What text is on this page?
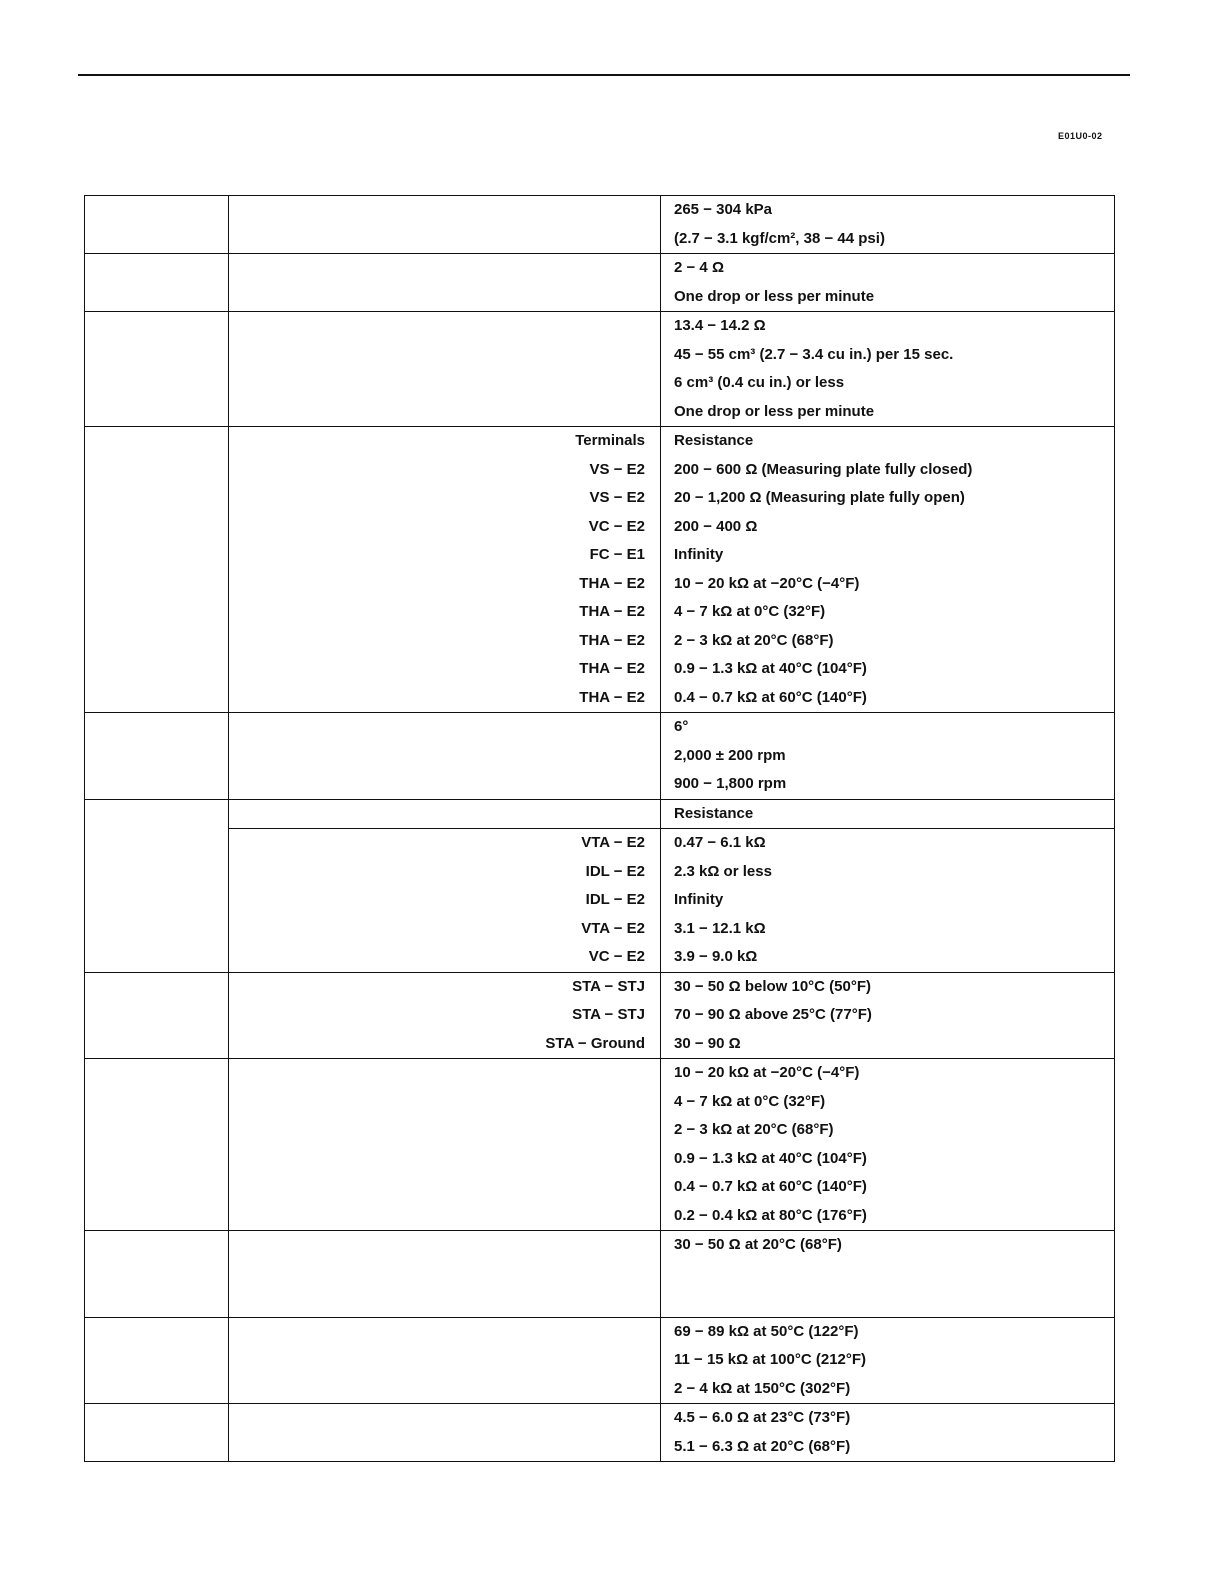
E01U0-02
265 − 304 kPa
(2.7 − 3.1 kgf/cm², 38 − 44 psi)
2 − 4 Ω
One drop or less per minute
13.4 − 14.2 Ω
45 − 55 cm³ (2.7 − 3.4 cu in.) per 15 sec.
6 cm³ (0.4 cu in.) or less
One drop or less per minute
Terminals	Resistance
VS − E2	200 − 600 Ω (Measuring plate fully closed)
VS − E2	20 − 1,200 Ω (Measuring plate fully open)
VC − E2	200 − 400 Ω
FC − E1	Infinity
THA − E2	10 − 20 kΩ at −20°C (−4°F)
THA − E2	4 − 7 kΩ at 0°C (32°F)
THA − E2	2 − 3 kΩ at 20°C (68°F)
THA − E2	0.9 − 1.3 kΩ at 40°C (104°F)
THA − E2	0.4 − 0.7 kΩ at 60°C (140°F)
6°
2,000 ± 200 rpm
900 − 1,800 rpm
Resistance
VTA − E2	0.47 − 6.1 kΩ
IDL − E2	2.3 kΩ or less
IDL − E2	Infinity
VTA − E2	3.1 − 12.1 kΩ
VC − E2	3.9 − 9.0 kΩ
STA − STJ	30 − 50 Ω below 10°C (50°F)
STA − STJ	70 − 90 Ω above 25°C (77°F)
STA − Ground	30 − 90 Ω
10 − 20 kΩ at −20°C (−4°F)
4 − 7 kΩ at 0°C (32°F)
2 − 3 kΩ at 20°C (68°F)
0.9 − 1.3 kΩ at 40°C (104°F)
0.4 − 0.7 kΩ at 60°C (140°F)
0.2 − 0.4 kΩ at 80°C (176°F)
30 − 50 Ω at 20°C (68°F)
69 − 89 kΩ at 50°C (122°F)
11 − 15 kΩ at 100°C (212°F)
2 − 4 kΩ at 150°C (302°F)
4.5 − 6.0 Ω at 23°C (73°F)
5.1 − 6.3 Ω at 20°C (68°F)
